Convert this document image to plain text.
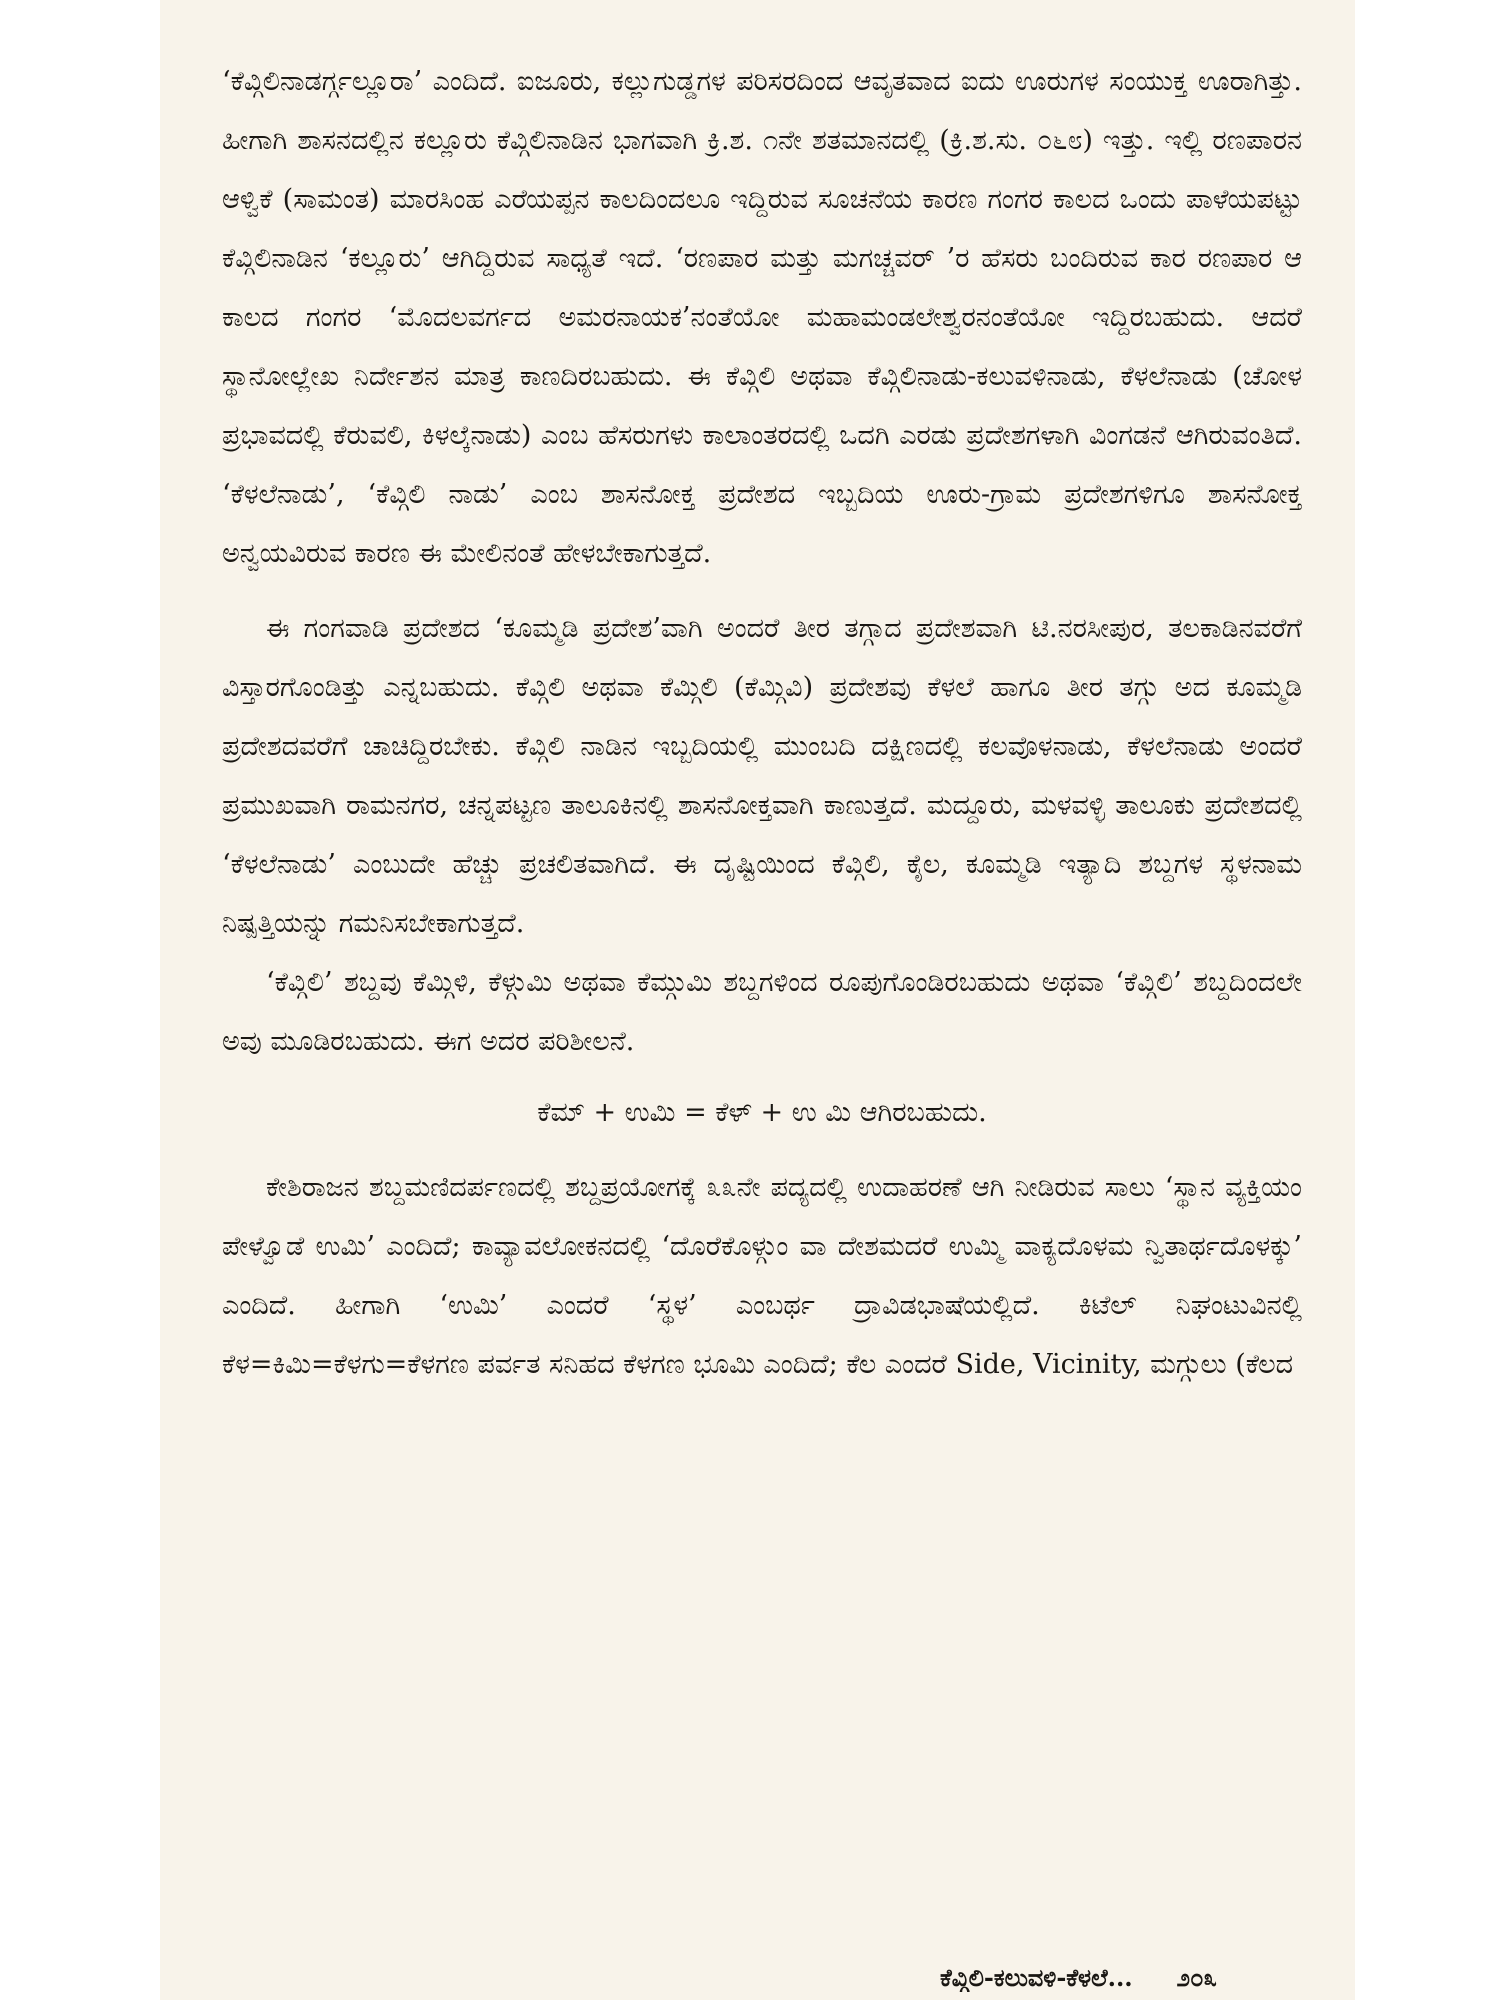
‘ಕೆವ್ಗಿಲಿನಾಡರ್ಗ್ಗಲ್ಲೂರಾ’ ಎಂದಿದೆ. ಐಜೂರು, ಕಲ್ಲುಗುಡ್ಡಗಳ ಪರಿಸರದಿಂದ ಆವೃತವಾದ ಐದು ಊರುಗಳ ಸಂಯುಕ್ತ ಊರಾಗಿತ್ತು. ಹೀಗಾಗಿ ಶಾಸನದಲ್ಲಿನ ಕಲ್ಲೂರು ಕೆವ್ಗಿಲಿನಾಡಿನ ಭಾಗವಾಗಿ ಕ್ರಿ.ಶ. ೧ನೇ ಶತಮಾನದಲ್ಲಿ (ಕ್ರಿ.ಶ.ಸು. ೦೬೮) ಇತ್ತು. ಇಲ್ಲಿ ರಣಪಾರನ ಆಳ್ವಿಕೆ (ಸಾಮಂತ) ಮಾರಸಿಂಹ ಎರೆಯಪ್ಪನ ಕಾಲದಿಂದಲೂ ಇದ್ದಿರುವ ಸೂಚನೆಯ ಕಾರಣ ಗಂಗರ ಕಾಲದ ಒಂದು ಪಾಳೆಯಪಟ್ಟು ಕೆವ್ಗಿಲಿನಾಡಿನ ‘ಕಲ್ಲೂರು’ ಆಗಿದ್ದಿರುವ ಸಾಧ್ಯತೆ ಇದೆ. ‘ರಣಪಾರ ಮತ್ತು ಮಗಚ್ಚವರ್ ’ರ ಹೆಸರು ಬಂದಿರುವ ಕಾರ ರಣಪಾರ ಆ ಕಾಲದ ಗಂಗರ ‘ಮೊದಲವರ್ಗದ ಅಮರನಾಯಕ’ನಂತೆಯೋ ಮಹಾಮಂಡಲೇಶ್ವರನಂತೆಯೋ ಇದ್ದಿರಬಹುದು. ಆದರೆ ಸ್ಥಾನೋಲ್ಲೇಖ ನಿರ್ದೇಶನ ಮಾತ್ರ ಕಾಣದಿರಬಹುದು. ಈ ಕೆವ್ಗಿಲಿ ಅಥವಾ ಕೆವ್ಗಿಲಿನಾಡು-ಕಲುವಳಿನಾಡು, ಕೆಳಲೆನಾಡು (ಚೋಳ ಪ್ರಭಾವದಲ್ಲಿ ಕೆರುವಲಿ, ಕಿಳಲ್ಕೆನಾಡು) ಎಂಬ ಹೆಸರುಗಳು ಕಾಲಾಂತರದಲ್ಲಿ ಒದಗಿ ಎರಡು ಪ್ರದೇಶಗಳಾಗಿ ವಿಂಗಡನೆ ಆಗಿರುವಂತಿದೆ. ‘ಕೆಳಲೆನಾಡು’, ‘ಕೆವ್ಗಿಲಿ ನಾಡು’ ಎಂಬ ಶಾಸನೋಕ್ತ ಪ್ರದೇಶದ ಇಬ್ಬದಿಯ ಊರು-ಗ್ರಾಮ ಪ್ರದೇಶಗಳಿಗೂ ಶಾಸನೋಕ್ತ ಅನ್ವಯವಿರುವ ಕಾರಣ ಈ ಮೇಲಿನಂತೆ ಹೇಳಬೇಕಾಗುತ್ತದೆ.

ಈ ಗಂಗವಾಡಿ ಪ್ರದೇಶದ ‘ಕೂಮ್ಮಡಿ ಪ್ರದೇಶ’ವಾಗಿ ಅಂದರೆ ತೀರ ತಗ್ಗಾದ ಪ್ರದೇಶವಾಗಿ ಟಿ.ನರಸೀಪುರ, ತಲಕಾಡಿನವರೆಗೆ ವಿಸ್ತಾರಗೊಂಡಿತ್ತು ಎನ್ನಬಹುದು. ಕೆವ್ಗಿಲಿ ಅಥವಾ ಕೆಮ್ಗಿಲಿ (ಕೆಮ್ಗಿವಿ) ಪ್ರದೇಶವು ಕೆಳಲೆ ಹಾಗೂ ತೀರ ತಗ್ಗು ಅದ ಕೂಮ್ಮಡಿ ಪ್ರದೇಶದವರೆಗೆ ಚಾಚಿದ್ದಿರಬೇಕು. ಕೆವ್ಗಿಲಿ ನಾಡಿನ ಇಬ್ಬದಿಯಲ್ಲಿ ಮುಂಬದಿ ದಕ್ಷಿಣದಲ್ಲಿ ಕಲವೊಳನಾಡು, ಕೆಳಲೆನಾಡು ಅಂದರೆ ಪ್ರಮುಖವಾಗಿ ರಾಮನಗರ, ಚನ್ನಪಟ್ಟಣ ತಾಲೂಕಿನಲ್ಲಿ ಶಾಸನೋಕ್ತವಾಗಿ ಕಾಣುತ್ತದೆ. ಮದ್ದೂರು, ಮಳವಳ್ಳಿ ತಾಲೂಕು ಪ್ರದೇಶದಲ್ಲಿ ‘ಕೆಳಲೆನಾಡು’ ಎಂಬುದೇ ಹೆಚ್ಚು ಪ್ರಚಲಿತವಾಗಿದೆ. ಈ ದೃಷ್ಟಿಯಿಂದ ಕೆವ್ಗಿಲಿ, ಕೈಲ, ಕೂಮ್ಮಡಿ ಇತ್ಯಾದಿ ಶಬ್ದಗಳ ಸ್ಥಳನಾಮ ನಿಷ್ಪತ್ತಿಯನ್ನು ಗಮನಿಸಬೇಕಾಗುತ್ತದೆ.

‘ಕೆವ್ಗಿಲಿ’ ಶಬ್ದವು ಕೆಮ್ಗಿಳಿ, ಕೆಳ್ಗುಮಿ ಅಥವಾ ಕೆಮ್ಗುಮಿ ಶಬ್ದಗಳಿಂದ ರೂಪುಗೊಂಡಿರಬಹುದು ಅಥವಾ ‘ಕೆವ್ಗಿಲಿ’ ಶಬ್ದದಿಂದಲೇ ಅವು ಮೂಡಿರಬಹುದು. ಈಗ ಅದರ ಪರಿಶೀಲನೆ.

ಕೆಮ್ + ಉಮಿ = ಕೆಳ್ + ಉ ಮಿ ಆಗಿರಬಹುದು.

ಕೇಶಿರಾಜನ ಶಬ್ದಮಣಿದರ್ಪಣದಲ್ಲಿ ಶಬ್ದಪ್ರಯೋಗಕ್ಕೆ ೩೩ನೇ ಪದ್ಯದಲ್ಲಿ ಉದಾಹರಣೆ ಆಗಿ ನೀಡಿರುವ ಸಾಲು ‘ಸ್ಥಾನ ವ್ಯಕ್ತಿಯಂ ಪೇಳ್ವೊಡೆ ಉಮಿ’ ಎಂದಿದೆ; ಕಾವ್ಯಾವಲೋಕನದಲ್ಲಿ ‘ದೊರೆಕೊಳ್ಗುಂ ವಾ ದೇಶಮದರೆ ಉಮ್ಮಿ ವಾಕ್ಯದೊಳಮ ನ್ವಿತಾರ್ಥದೊಳಕ್ಕು’ ಎಂದಿದೆ. ಹೀಗಾಗಿ ‘ಉಮಿ’ ಎಂದರೆ ‘ಸ್ಥಳ’ ಎಂಬರ್ಥ ದ್ರಾವಿಡಭಾಷೆಯಲ್ಲಿದೆ. ಕಿಟೆಲ್ ನಿಘಂಟುವಿನಲ್ಲಿ ಕೆಳ=ಕಿಮಿ=ಕೆಳಗು=ಕೆಳಗಣ ಪರ್ವತ ಸನಿಹದ ಕೆಳಗಣ ಭೂಮಿ ಎಂದಿದೆ; ಕೆಲ ಎಂದರೆ Side, Vicinity, ಮಗ್ಗುಲು (ಕೆಲದ

ಕೆವ್ಗಿಲಿ-ಕಲುವಳಿ-ಕೆಳಲೆ... ೨೦೩
